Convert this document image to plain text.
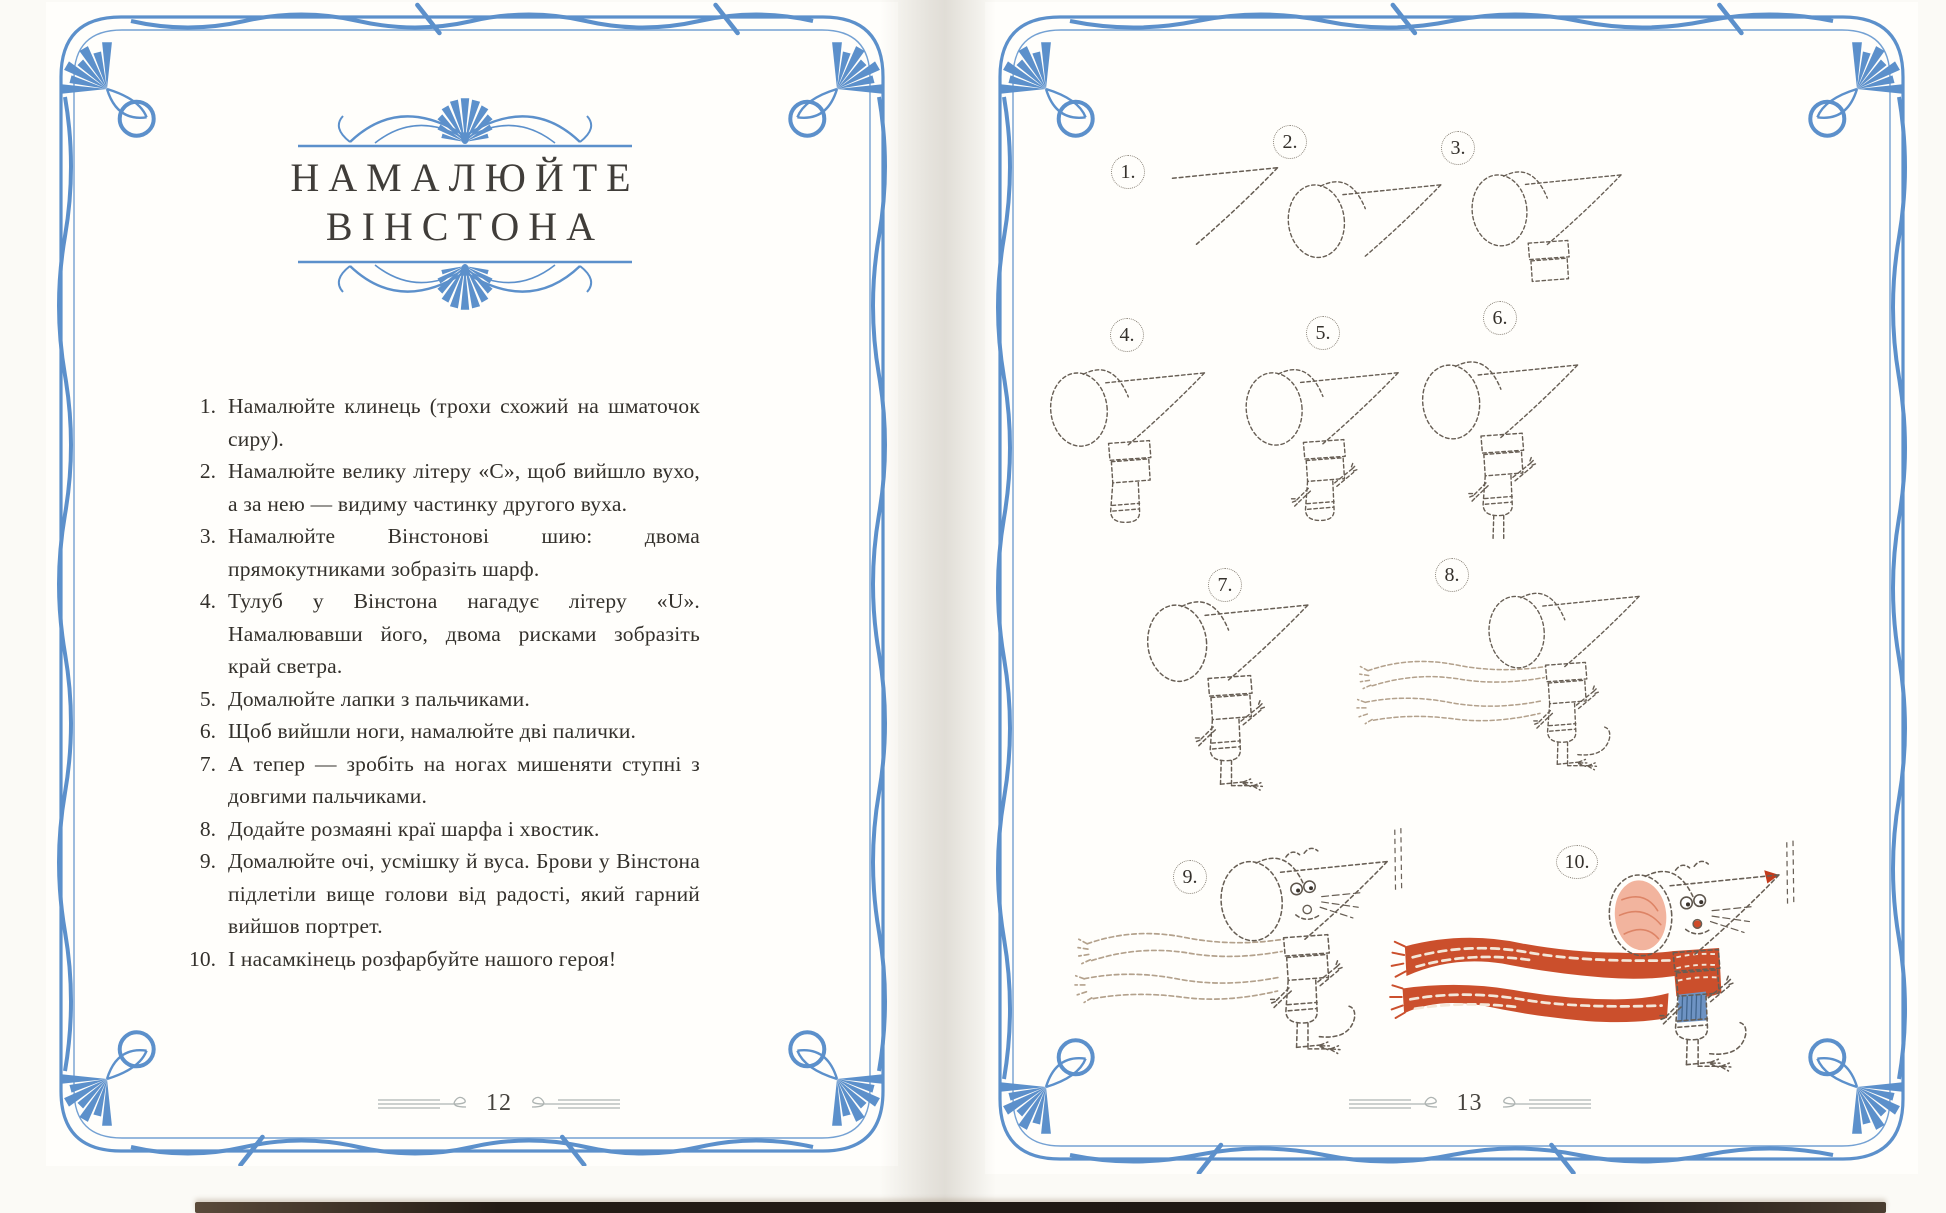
НАМАЛЮЙТЕ
ВІНСТОНА
1. Намалюйте клинець (трохи схожий на шматочок сиру).
2. Намалюйте велику літеру «С», щоб вийшло вухо, а за нею — видиму частинку другого вуха.
3. Намалюйте Вінстонові шию: двома прямокутниками зобразіть шарф.
4. Тулуб у Вінстона нагадує літеру «U». Намалювавши його, двома рисками зобразіть край светра.
5. Домалюйте лапки з пальчиками.
6. Щоб вийшли ноги, намалюйте дві палички.
7. А тепер — зробіть на ногах мишеняти ступні з довгими пальчиками.
8. Додайте розмаяні краї шарфа і хвостик.
9. Домалюйте очі, усмішку й вуса. Брови у Вінстона підлетіли вище голови від радості, який гарний вийшов портрет.
10. І насамкінець розфарбуйте нашого героя!
12
1.
2.	3.
4.	5.
6.
7.	8.
9.
10.
13
